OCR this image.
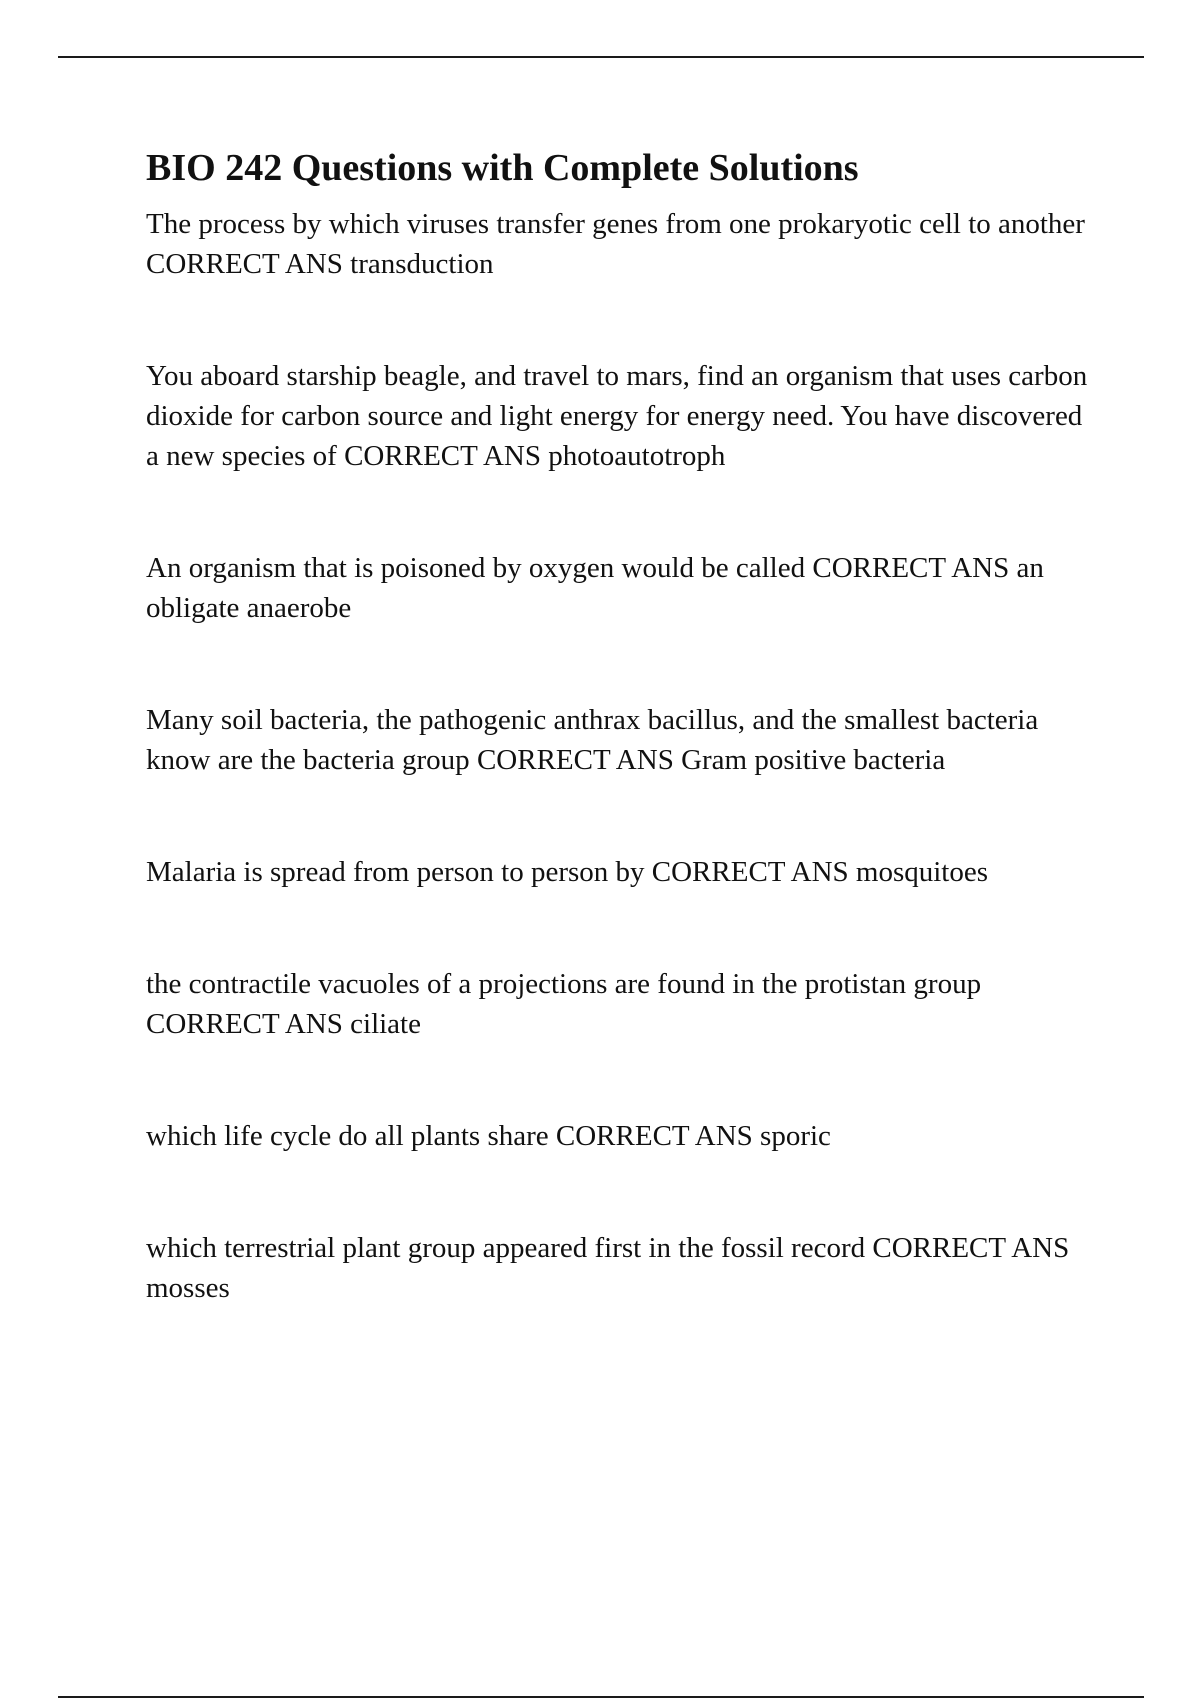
BIO 242 Questions with Complete Solutions

The process by which viruses transfer genes from one prokaryotic cell to another CORRECT ANS transduction

You aboard starship beagle, and travel to mars, find an organism that uses carbon dioxide for carbon source and light energy for energy need. You have discovered a new species of CORRECT ANS photoautotroph

An organism that is poisoned by oxygen would be called CORRECT ANS an obligate anaerobe

Many soil bacteria, the pathogenic anthrax bacillus, and the smallest bacteria know are the bacteria group CORRECT ANS Gram positive bacteria

Malaria is spread from person to person by CORRECT ANS mosquitoes

the contractile vacuoles of a projections are found in the protistan group CORRECT ANS ciliate

which life cycle do all plants share CORRECT ANS sporic

which terrestrial plant group appeared first in the fossil record CORRECT ANS mosses
